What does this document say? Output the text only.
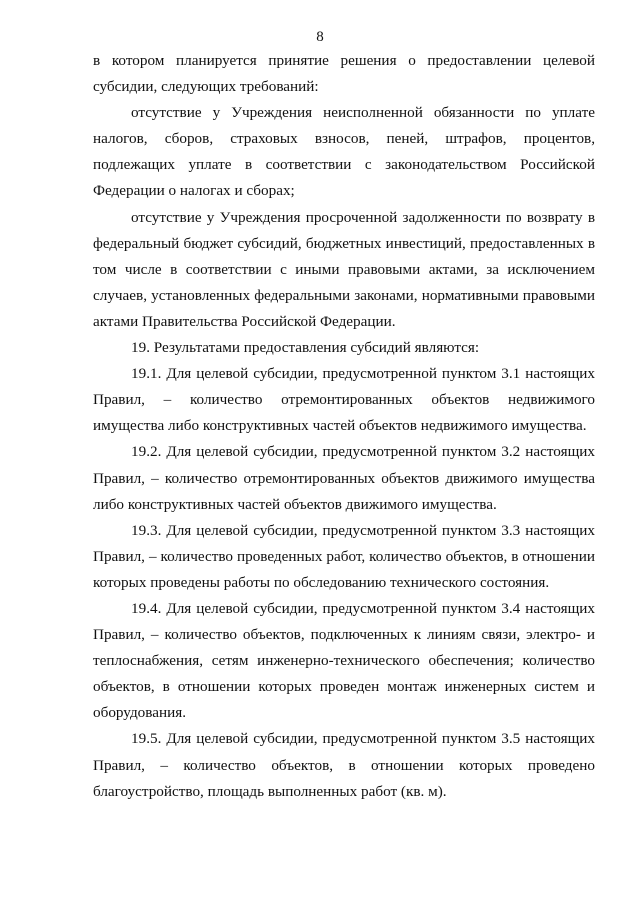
8

в котором планируется принятие решения о предоставлении целевой субсидии, следующих требований:

отсутствие у Учреждения неисполненной обязанности по уплате налогов, сборов, страховых взносов, пеней, штрафов, процентов, подлежащих уплате в соответствии с законодательством Российской Федерации о налогах и сборах;

отсутствие у Учреждения просроченной задолженности по возврату в федеральный бюджет субсидий, бюджетных инвестиций, предоставленных в том числе в соответствии с иными правовыми актами, за исключением случаев, установленных федеральными законами, нормативными правовыми актами Правительства Российской Федерации.

19. Результатами предоставления субсидий являются:

19.1. Для целевой субсидии, предусмотренной пунктом 3.1 настоящих Правил, – количество отремонтированных объектов недвижимого имущества либо конструктивных частей объектов недвижимого имущества.

19.2. Для целевой субсидии, предусмотренной пунктом 3.2 настоящих Правил, – количество отремонтированных объектов движимого имущества либо конструктивных частей объектов движимого имущества.

19.3. Для целевой субсидии, предусмотренной пунктом 3.3 настоящих Правил, – количество проведенных работ, количество объектов, в отношении которых проведены работы по обследованию технического состояния.

19.4. Для целевой субсидии, предусмотренной пунктом 3.4 настоящих Правил, – количество объектов, подключенных к линиям связи, электро- и теплоснабжения, сетям инженерно-технического обеспечения; количество объектов, в отношении которых проведен монтаж инженерных систем и оборудования.

19.5. Для целевой субсидии, предусмотренной пунктом 3.5 настоящих Правил, – количество объектов, в отношении которых проведено благоустройство, площадь выполненных работ (кв. м).
